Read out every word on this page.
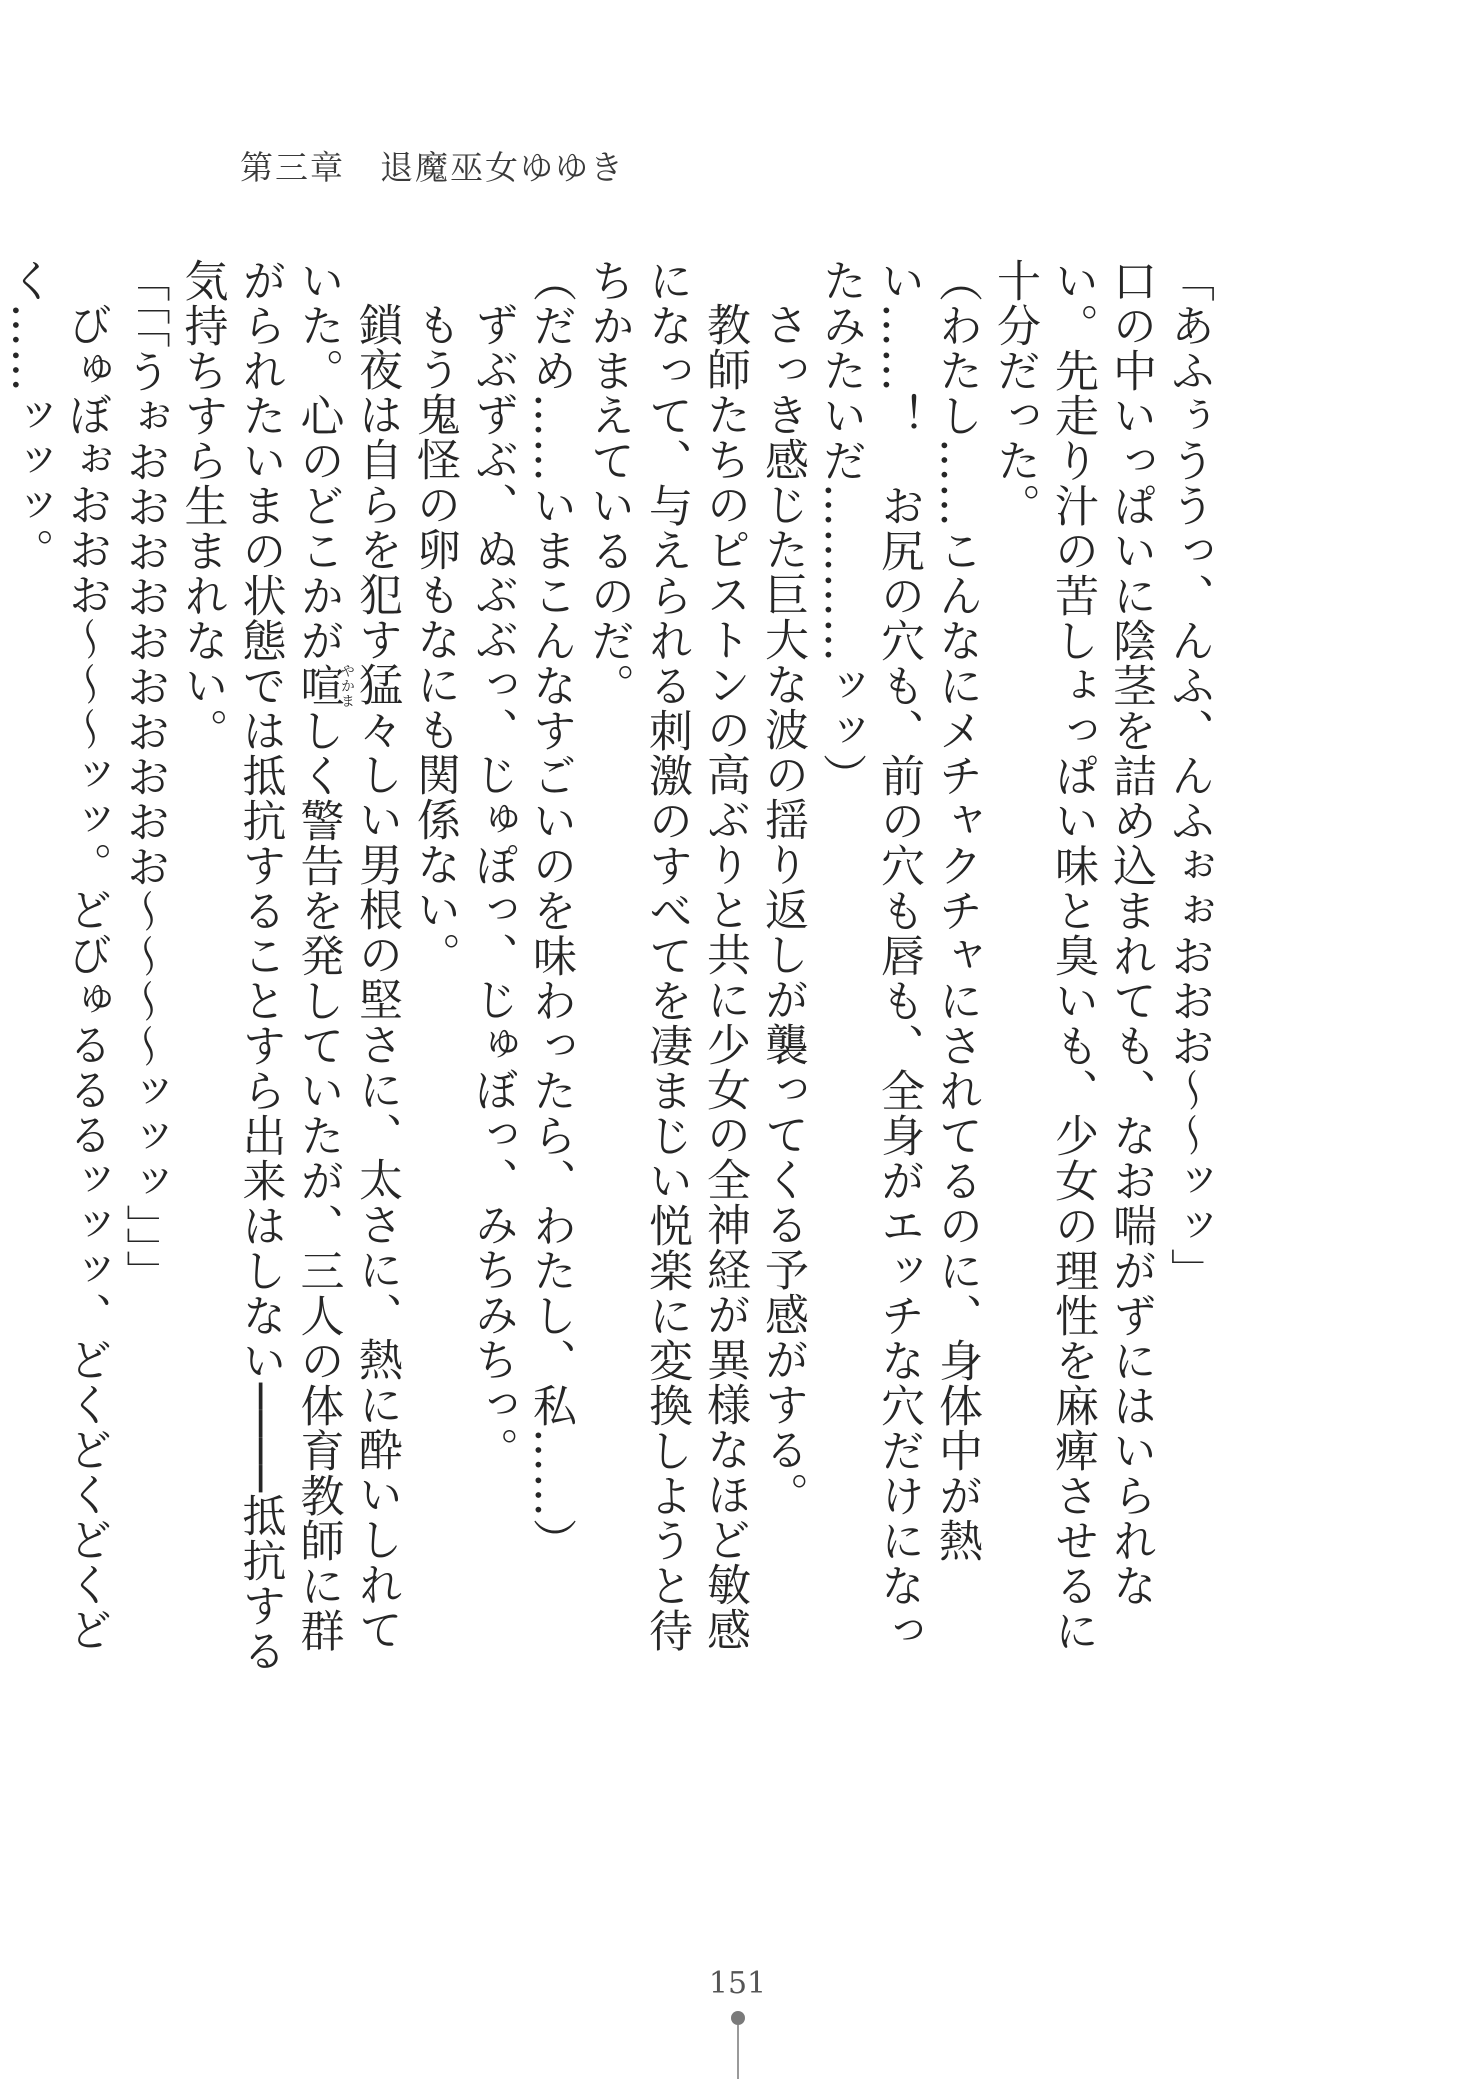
第三章　退魔巫女ゆゆき

「あふぅううっ、んふ、んふぉぉおおお〜〜ッッ」

口の中いっぱいに陰茎を詰め込まれても、なお喘がずにはいられない。先走り汁の苦しょっぱい味と臭いも、少女の理性を麻痺させるに十分だった。

（わたし……こんなにメチャクチャにされてるのに、身体中が熱い……！　お尻の穴も、前の穴も唇も、全身がエッチな穴だけになったみたいだ…………ッッ）

さっき感じた巨大な波の揺り返しが襲ってくる予感がする。

教師たちのピストンの高ぶりと共に少女の全神経が異様なほど敏感になって、与えられる刺激のすべてを凄まじい悦楽に変換しようと待ちかまえているのだ。

（だめ……いまこんなすごいのを味わったら、わたし、私……）

ずぶずぶ、ぬぶぶっ、じゅぽっ、じゅぼっ、みちみちっ。

もう鬼怪の卵もなにも関係ない。

鎖夜は自らを犯す猛々しい男根の堅さに、太さに、熱に酔いしれていた。心のどこかが喧やかましく警告を発していたが、三人の体育教師に群がられたいまの状態では抵抗することすら出来はしない────抵抗する気持ちすら生まれない。

「「「うぉおおおおおおおおおお〜〜〜〜ッッッ」」」

びゅぼぉおおお〜〜〜ッッ。どびゅるるるッッッ、どくどくどくどく……ッッッ。

151
